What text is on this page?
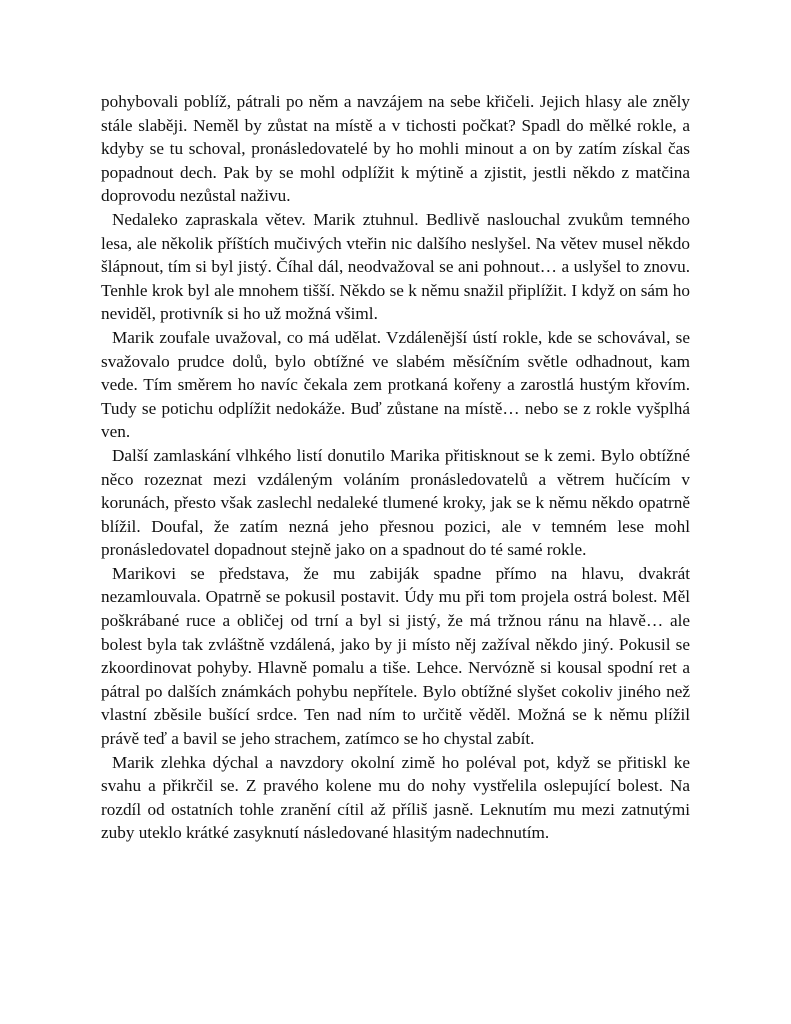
pohybovali poblíž, pátrali po něm a navzájem na sebe křičeli. Jejich hlasy ale zněly stále slaběji. Neměl by zůstat na místě a v tichosti počkat? Spadl do mělké rokle, a kdyby se tu schoval, pronásledovatelé by ho mohli minout a on by zatím získal čas popadnout dech. Pak by se mohl odplížit k mýtině a zjistit, jestli někdo z matčina doprovodu nezůstal naživu.

Nedaleko zapraskala větev. Marik ztuhnul. Bedlivě naslouchal zvukům temného lesa, ale několik příštích mučivých vteřin nic dalšího neslyšel. Na větev musel někdo šlápnout, tím si byl jistý. Číhal dál, neodvažoval se ani pohnout… a uslyšel to znovu. Tenhle krok byl ale mnohem tišší. Někdo se k němu snažil připlížit. I když on sám ho neviděl, protivník si ho už možná všiml.

Marik zoufale uvažoval, co má udělat. Vzdálenější ústí rokle, kde se schovával, se svažovalo prudce dolů, bylo obtížné ve slabém měsíčním světle odhadnout, kam vede. Tím směrem ho navíc čekala zem protkaná kořeny a zarostlá hustým křovím. Tudy se potichu odplížit nedokáže. Buď zůstane na místě… nebo se z rokle vyšplhá ven.

Další zamlaskání vlhkého listí donutilo Marika přitisknout se k zemi. Bylo obtížné něco rozeznat mezi vzdáleným voláním pronásledovatelů a větrem hučícím v korunách, přesto však zaslechl nedaleké tlumené kroky, jak se k němu někdo opatrně blížil. Doufal, že zatím nezná jeho přesnou pozici, ale v temném lese mohl pronásledovatel dopadnout stejně jako on a spadnout do té samé rokle.

Marikovi se představa, že mu zabiják spadne přímo na hlavu, dvakrát nezamlouvala. Opatrně se pokusil postavit. Údy mu při tom projela ostrá bolest. Měl poškrábané ruce a obličej od trní a byl si jistý, že má tržnou ránu na hlavě… ale bolest byla tak zvláštně vzdálená, jako by ji místo něj zažíval někdo jiný. Pokusil se zkoordinovat pohyby. Hlavně pomalu a tiše. Lehce. Nervózně si kousal spodní ret a pátral po dalších známkách pohybu nepřítele. Bylo obtížné slyšet cokoliv jiného než vlastní zběsile bušící srdce. Ten nad ním to určitě věděl. Možná se k němu plížil právě teď a bavil se jeho strachem, zatímco se ho chystal zabít.

Marik zlehka dýchal a navzdory okolní zimě ho poléval pot, když se přitiskl ke svahu a přikrčil se. Z pravého kolene mu do nohy vystřelila oslepující bolest. Na rozdíl od ostatních tohle zranění cítil až příliš jasně. Leknutím mu mezi zatnutými zuby uteklo krátké zasyknutí následované hlasitým nadechnutím.
